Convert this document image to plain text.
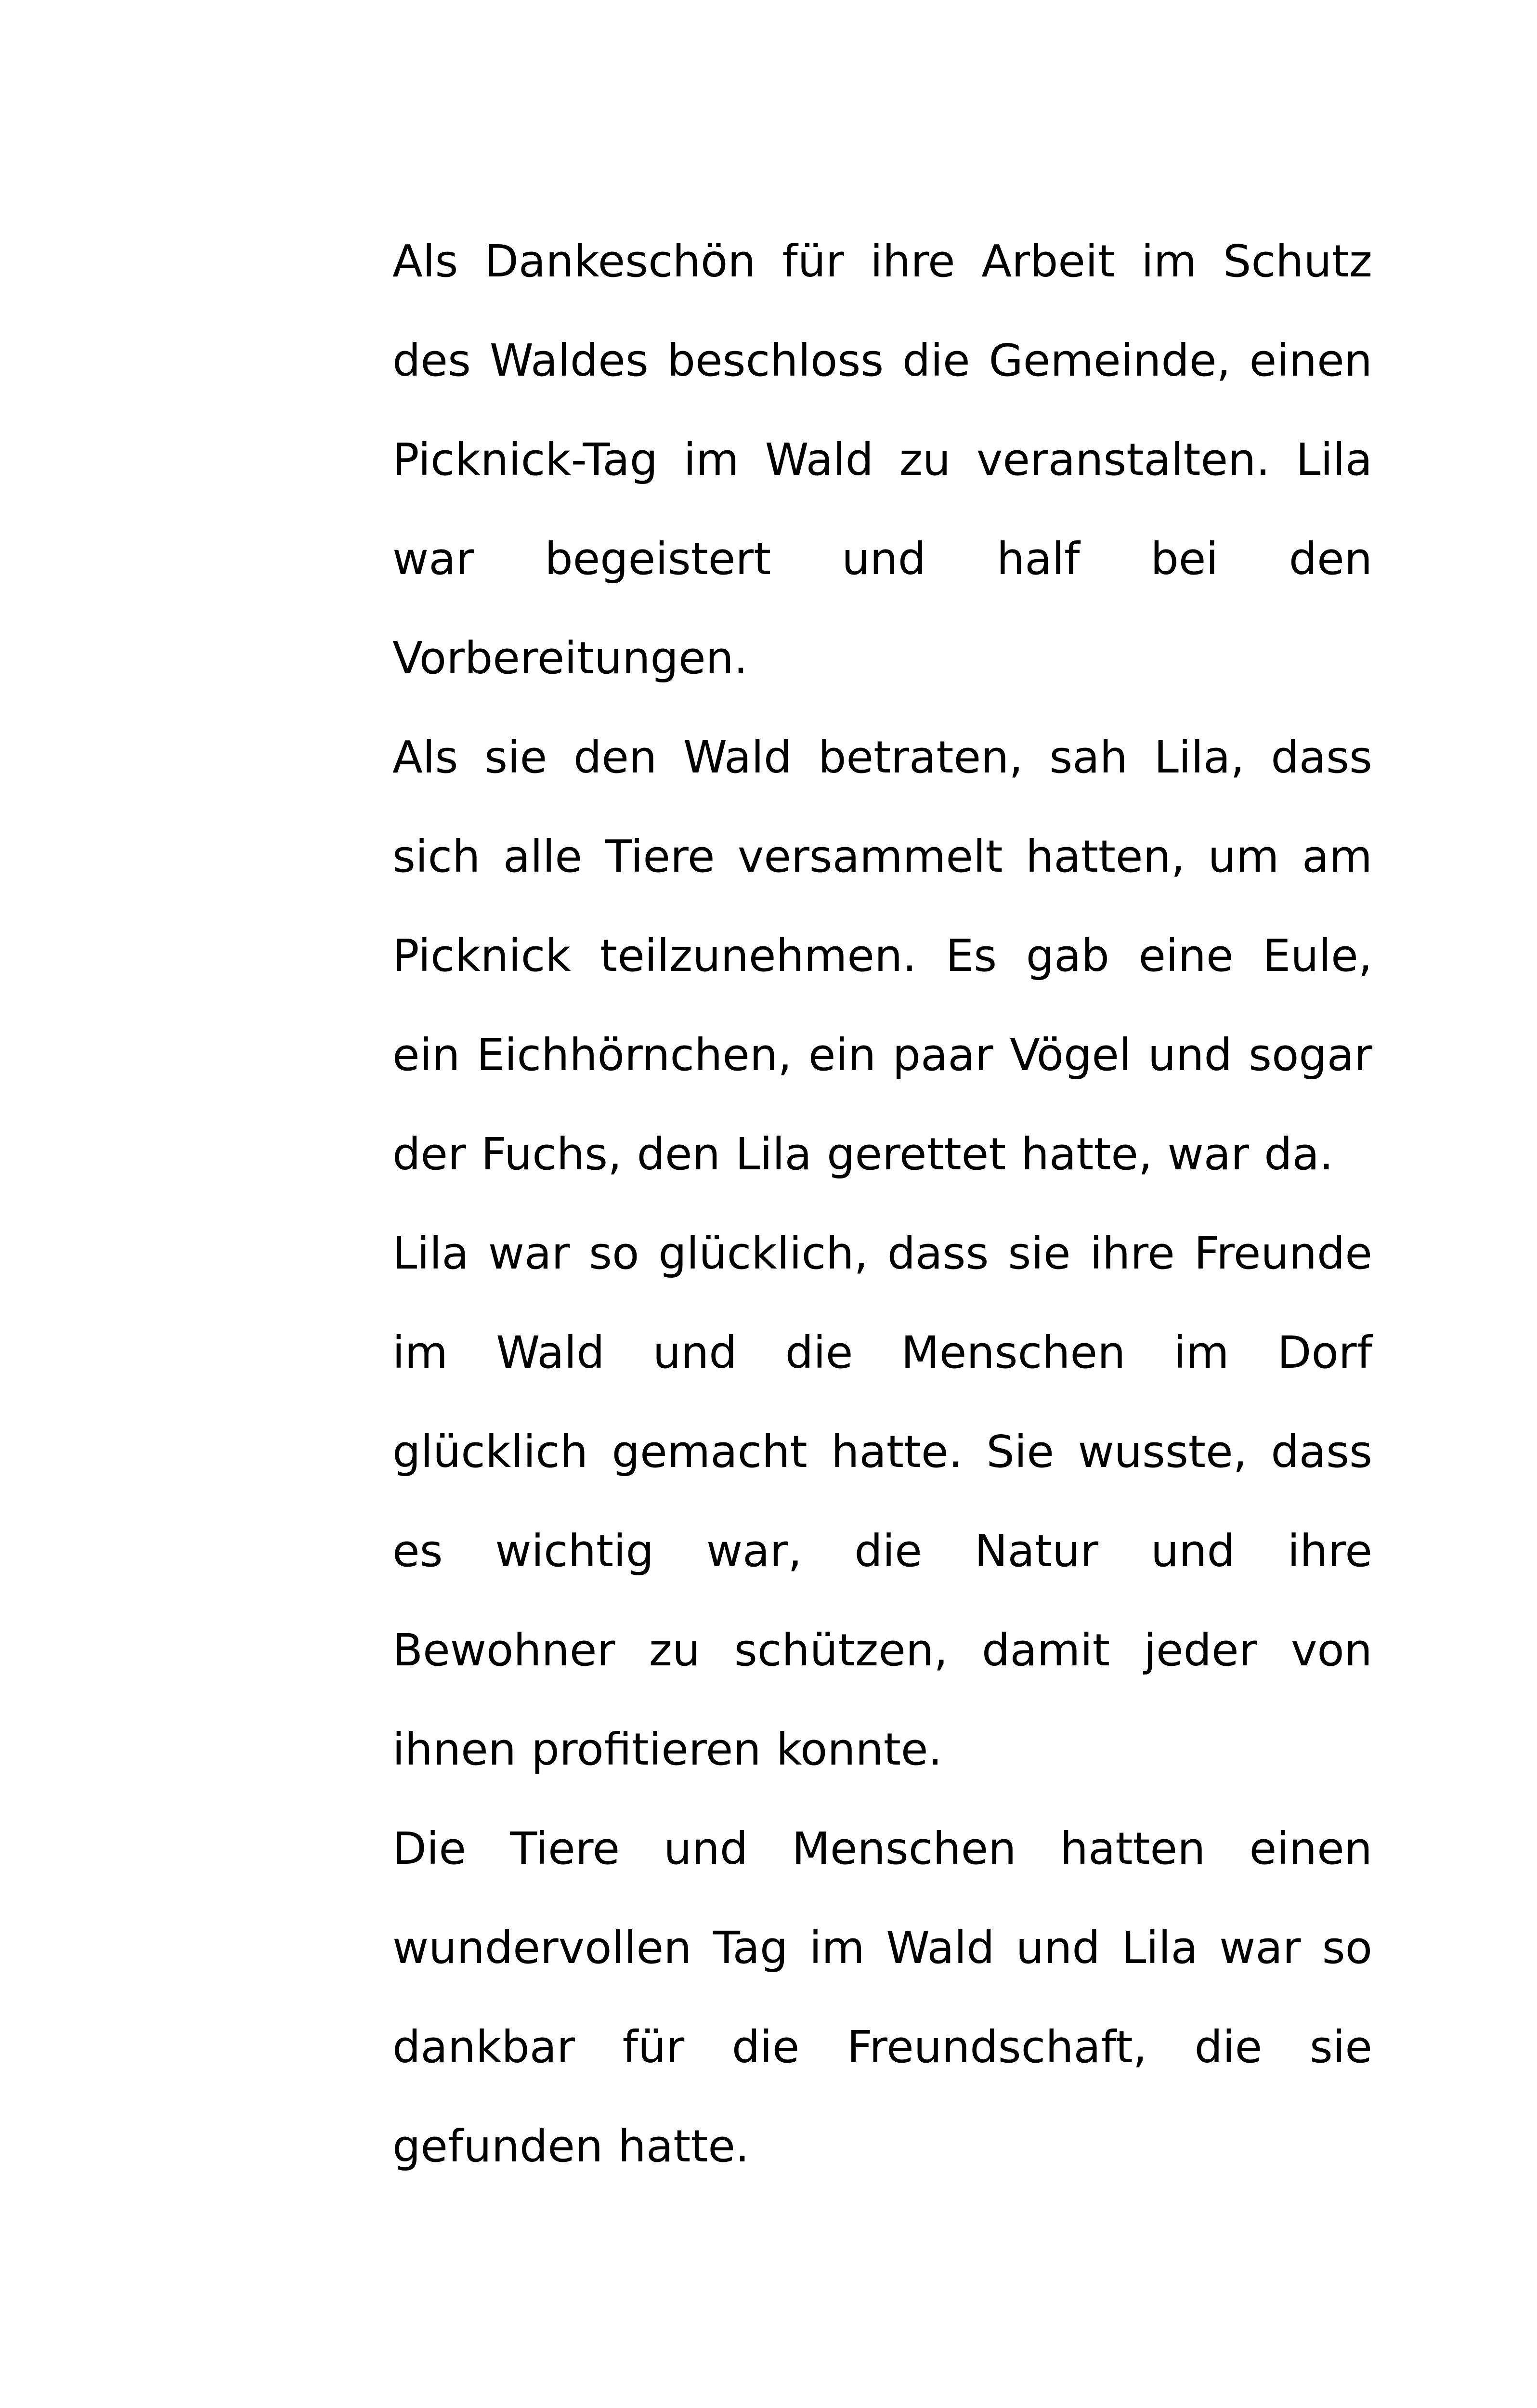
Als Dankeschön für ihre Arbeit im Schutz des Waldes beschloss die Gemeinde, einen Picknick-Tag im Wald zu veranstalten. Lila war begeistert und half bei den Vorbereitungen.

Als sie den Wald betraten, sah Lila, dass sich alle Tiere versammelt hatten, um am Picknick teilzunehmen. Es gab eine Eule, ein Eichhörnchen, ein paar Vögel und sogar der Fuchs, den Lila gerettet hatte, war da.

Lila war so glücklich, dass sie ihre Freunde im Wald und die Menschen im Dorf glücklich gemacht hatte. Sie wusste, dass es wichtig war, die Natur und ihre Bewohner zu schützen, damit jeder von ihnen profitieren konnte.

Die Tiere und Menschen hatten einen wundervollen Tag im Wald und Lila war so dankbar für die Freundschaft, die sie gefunden hatte.
